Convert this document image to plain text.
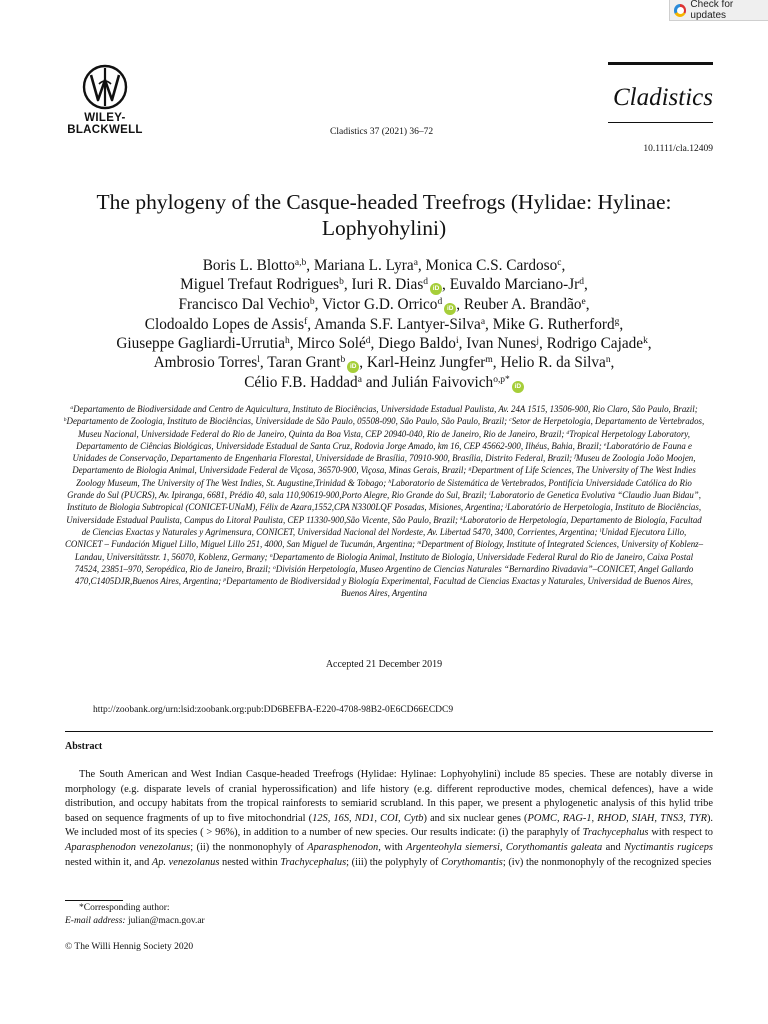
Check for updates
WILEY-
BLACKWELL	Cladistics 37 (2021) 36–72
Cladistics
10.1111/cla.12409
The phylogeny of the Casque-headed Treefrogs (Hylidae: Hylinae:
Lophyohylini)
Boris L. Blotto$^{a,b}$, Mariana L. Lyra$^a$, Monica C.S. Cardoso$^c$,
Miguel Trefaut Rodrigues$^b$, Iuri R. Dias$^d$iD , Euvaldo Marciano-Jr$^d$,
Francisco Dal Vechio$^b$, Victor G.D. Orrico$^d$iD , Reuber A. Brandão$^e$,
Clodoaldo Lopes de Assis$^f$, Amanda S.F. Lantyer-Silva$^a$, Mike G. Rutherford$^g$,
Giuseppe Gagliardi-Urrutia$^h$, Mirco Solé$^d$, Diego Baldo$^i$, Ivan Nunes$^j$, Rodrigo Cajade$^k$,
Ambrosio Torres$^l$, Taran Grant$^b$iD , Karl-Heinz Jungfer$^m$, Helio R. da Silva$^n$,
Célio F.B. Haddad$^a$ and Julián Faivovich$^{o,p*}$iD
$^a$Departamento de Biodiversidade and Centro de Aquicultura, Instituto de Biociências, Universidade Estadual Paulista, Av. 24A 1515, 13506-900, Rio Claro, São Paulo, Brazil; $^b$Departamento de Zoologia, Instituto de Biociências, Universidade de São Paulo, 05508-090, São Paulo, São Paulo, Brazil; $^c$Setor de Herpetologia, Departamento de Vertebrados, Museu Nacional, Universidade Federal do Rio de Janeiro, Quinta da Boa Vista, CEP 20940-040, Rio de Janeiro, Rio de Janeiro, Brazil; $^d$Tropical Herpetology Laboratory, Departamento de Ciências Biológicas, Universidade Estadual de Santa Cruz, Rodovia Jorge Amado, km 16, CEP 45662-900, Ilhéus, Bahia, Brazil; $^e$Laboratório de Fauna e Unidades de Conservação, Departamento de Engenharia Florestal, Universidade de Brasília, 70910-900, Brasília, Distrito Federal, Brazil; $^f$Museu de Zoologia João Moojen, Departamento de Biologia Animal, Universidade Federal de Viçosa, 36570-900, Viçosa, Minas Gerais, Brazil; $^g$Department of Life Sciences, The University of The West Indies Zoology Museum, The University of The West Indies, St. Augustine,Trinidad & Tobago; $^h$Laboratorio de Sistemática de Vertebrados, Pontifícia Universidade Católica do Rio Grande do Sul (PUCRS), Av. Ipiranga, 6681, Prédio 40, sala 110,90619-900,Porto Alegre, Rio Grande do Sul, Brazil; $^i$Laboratorio de Genetica Evolutiva “Claudio Juan Bidau”, Instituto de Biologia Subtropical (CONICET-UNaM), Félix de Azara,1552,CPA N3300LQF Posadas, Misiones, Argentina; $^j$Laboratório de Herpetologia, Instituto de Biociências, Universidade Estadual Paulista, Campus do Litoral Paulista, CEP 11330-900,São Vicente, São Paulo, Brazil; $^k$Laboratorio de Herpetología, Departamento de Biología, Facultad de Ciencias Exactas y Naturales y Agrimensura, CONICET, Universidad Nacional del Nordeste, Av. Libertad 5470, 3400, Corrientes, Argentina; $^l$Unidad Ejecutora Lillo, CONICET – Fundación Miguel Lillo, Miguel Lillo 251, 4000, San Miguel de Tucumán, Argentina; $^m$Department of Biology, Institute of Integrated Sciences, University of Koblenz–Landau, Universitätsstr. 1, 56070, Koblenz, Germany; $^n$Departamento de Biologia Animal, Instituto de Biologia, Universidade Federal Rural do Rio de Janeiro, Caixa Postal 74524, 23851–970, Seropédica, Rio de Janeiro, Brazil; $^o$División Herpetología, Museo Argentino de Ciencias Naturales “Bernardino Rivadavia”–CONICET, Angel Gallardo 470,C1405DJR,Buenos Aires, Argentina; $^p$Departamento de Biodiversidad y Biología Experimental, Facultad de Ciencias Exactas y Naturales, Universidad de Buenos Aires, Buenos Aires, Argentina
Accepted 21 December 2019
http://zoobank.org/urn:lsid:zoobank.org:pub:DD6BEFBA-E220-4708-98B2-0E6CD66ECDC9
Abstract
The South American and West Indian Casque-headed Treefrogs (Hylidae: Hylinae: Lophyohylini) include 85 species. These are notably diverse in morphology (e.g. disparate levels of cranial hyperossification) and life history (e.g. different reproductive modes, chemical defences), have a wide distribution, and occupy habitats from the tropical rainforests to semiarid scrubland. In this paper, we present a phylogenetic analysis of this hylid tribe based on sequence fragments of up to five mitochondrial (12S, 16S, ND1, COI, Cytb) and six nuclear genes (POMC, RAG-1, RHOD, SIAH, TNS3, TYR). We included most of its species ( > 96%), in addition to a number of new species. Our results indicate: (i) the paraphyly of Trachycephalus with respect to Aparasphenodon venezolanus; (ii) the nonmonophyly of Aparasphenodon, with Argenteohyla siemersi, Corythomantis galeata and Nyctimantis rugiceps nested within it, and Ap. venezolanus nested within Trachycephalus; (iii) the polyphyly of Corythomantis; (iv) the nonmonophyly of the recognized species
*Corresponding author:
E-mail address: julian@macn.gov.ar
© The Willi Hennig Society 2020
